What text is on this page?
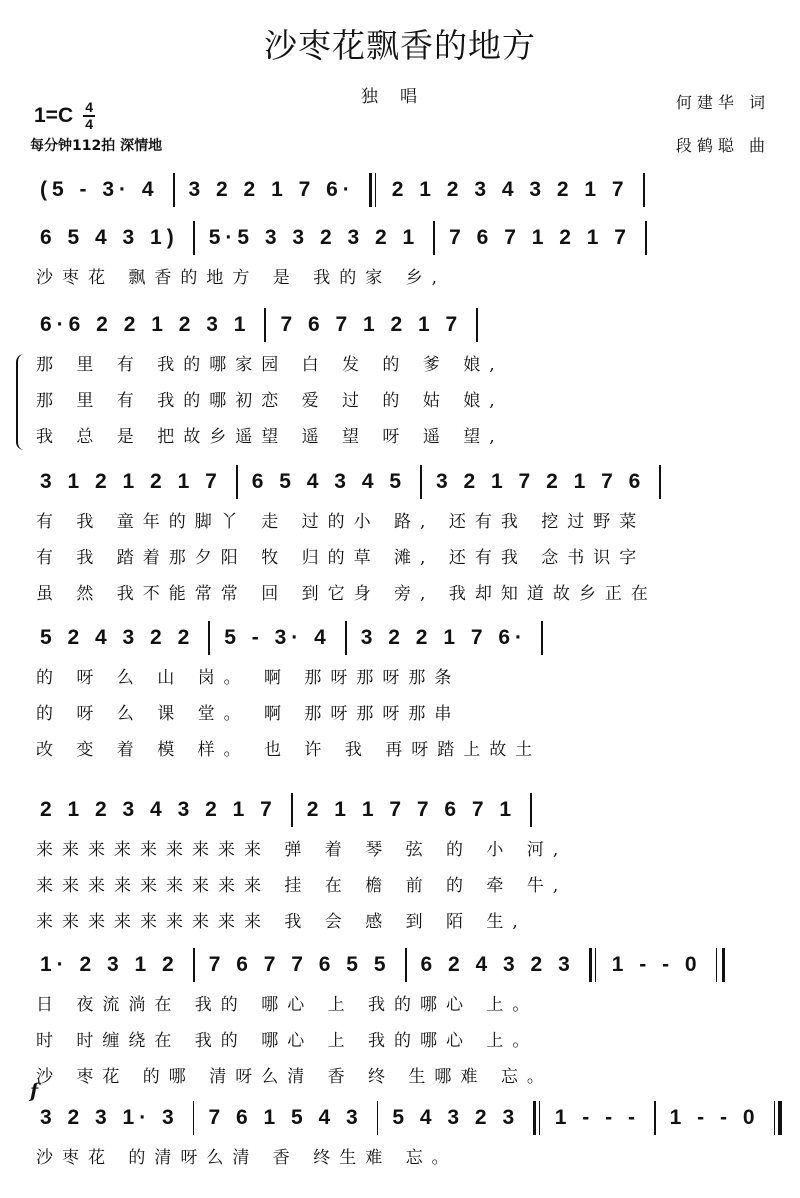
沙枣花飘香的地方
独唱	何建华 词
段鹤聪 曲
1=C 4
4
每分钟112拍 深情地
(5 - 3· 4	3 2 2 1 7 6·	2 1 2 3 4 3 2 1 7
6 5 4 3 1)	5·5 3 3 2 3 2 1	7 6 7 1 2 1 7
沙枣花 飘香的地方 是 我的家 乡,
6·6 2 2 1 2 3 1	7 6 7 1 2 1 7
那 里 有 我的哪家园 白 发 的 爹 娘,
那 里 有 我的哪初恋 爱 过 的 姑 娘,
我 总 是 把故乡遥望 遥 望 呀 遥 望,
3 1 2 1 2 1 7	6 5 4 3 4 5	3 2 1 7 2 1 7 6
有 我 童年的脚丫 走 过的小 路, 还有我 挖过野菜
有 我 踏着那夕阳 牧 归的草 滩, 还有我 念书识字
虽 然 我不能常常 回 到它身 旁, 我却知道故乡正在
5 2 4 3 2 2	5 - 3· 4	3 2 2 1 7 6·
的 呀 么 山 岗。 啊 那呀那呀那条
的 呀 么 课 堂。 啊 那呀那呀那串
改 变 着 模 样。 也 许 我 再呀踏上故土
2 1 2 3 4 3 2 1 7	2 1 1 7 7 6 7 1
来来来来来来来来来 弹 着 琴 弦 的 小 河,
来来来来来来来来来 挂 在 檐 前 的 牵 牛,
来来来来来来来来来 我 会 感 到 陌 生,
1· 2 3 1 2	7 6 7 7 6 5 5	6 2 4 3 2 3	1 - - 0
日 夜流淌在 我的 哪心 上 我的哪心 上。
时 时缠绕在 我的 哪心 上 我的哪心 上。
沙 枣花 的哪 清呀么清 香 终 生哪难 忘。
3 2 3 1· 3	7 6 1 5 4 3	5 4 3 2 3	1 - - -	1 - - 0
f
沙枣花 的清呀么清 香 终生难 忘。
